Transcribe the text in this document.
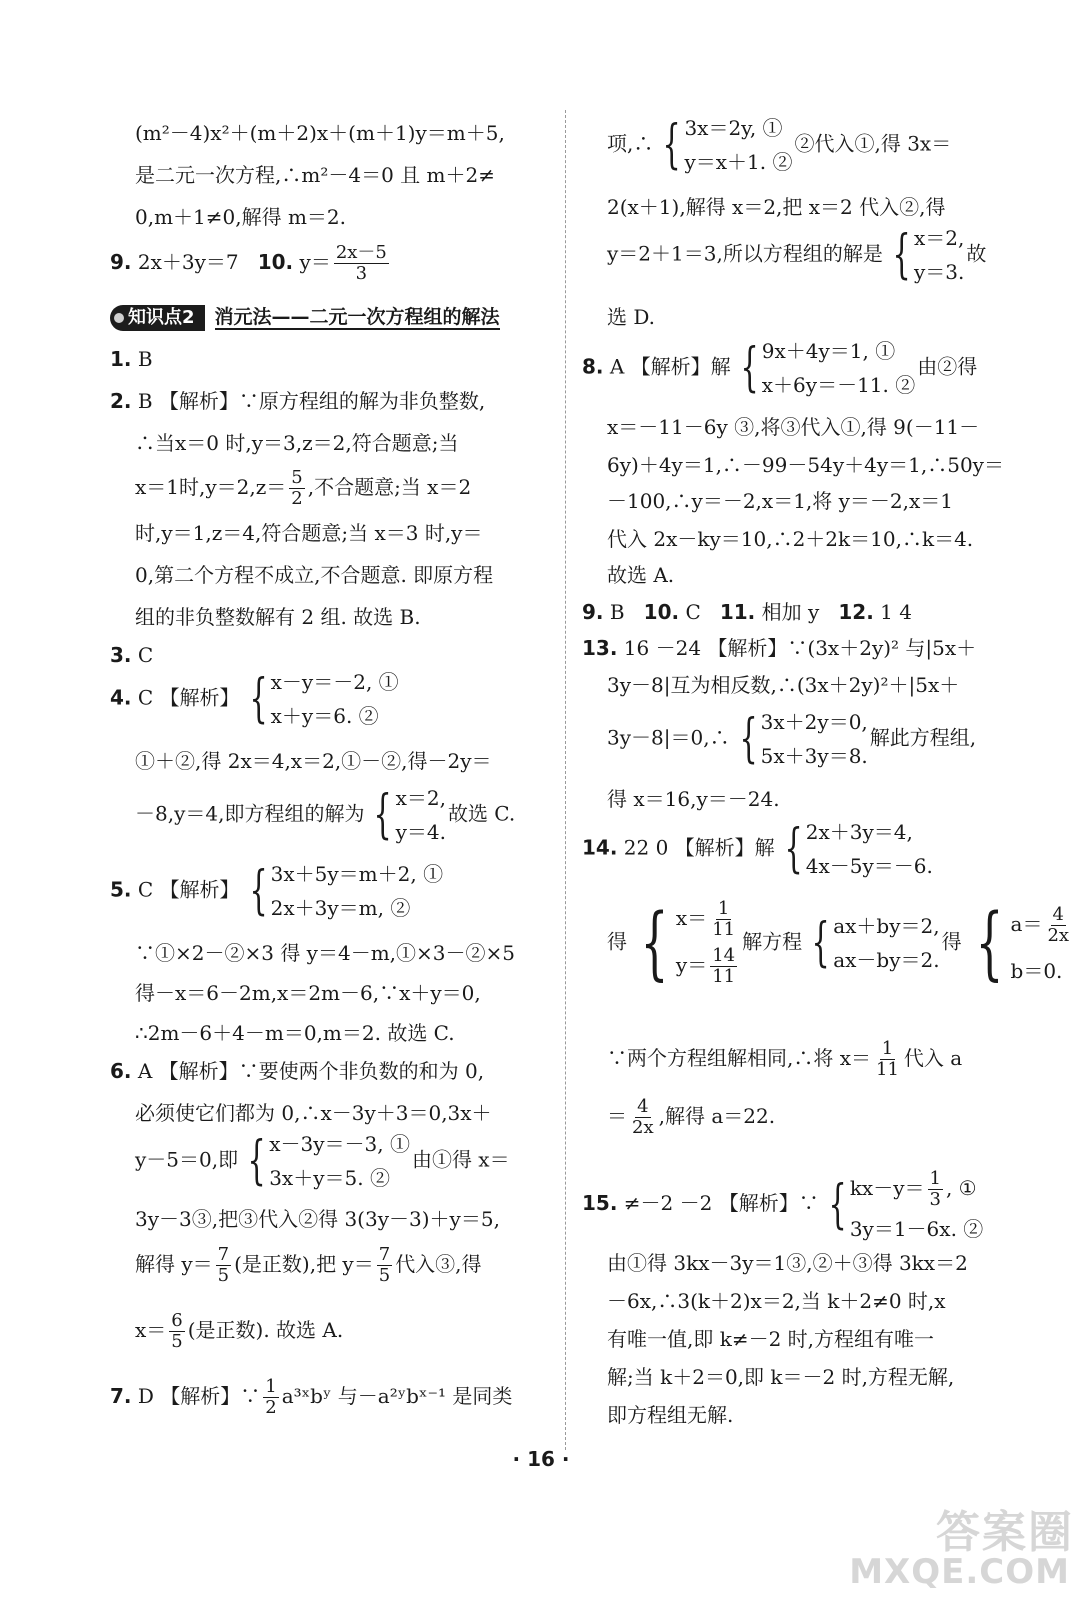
(m²－4)x²＋(m＋2)x＋(m＋1)y＝m＋5,
是二元一次方程,∴m²－4＝0 且 m＋2≠
0,m＋1≠0,解得 m＝2.
9. 2x＋3y＝7 10. $y= \frac{2x-5}{3}$
知识点2	消元法——二元一次方程组的解法
1. B
2. B 【解析】∵原方程组的解为非负整数,
∴当x＝0 时,y＝3,z＝2,符合题意;当
x＝1时$,y=2,z= \frac{5}{2}$ ,不合题意;当 x＝2
时,y＝1,z＝4,符合题意;当 x＝3 时,y＝
0,第二个方程不成立,不合题意. 即原方程
组的非负整数解有 2 组. 故选 B.
3. C
4. C 【解析】 { x－y＝－2, ①
x＋y＝6. ②
①＋②,得 2x＝4,x＝2,①－②,得－2y＝
－8,y＝4,即方程组的解为 { x＝2,
y＝4.
故选 C.
5. C 【解析】 { 3x＋5y＝m＋2, ①
2x＋3y＝m, ②
∵①×2－②×3 得 y＝4－m,①×3－②×5
得－x＝6－2m,x＝2m－6,∵x＋y＝0,
∴2m－6＋4－m＝0,m＝2. 故选 C.
6. A 【解析】∵要使两个非负数的和为 0,
必须使它们都为 0,∴x－3y＋3＝0,3x＋
y－5＝0,即 { x－3y＝－3, ①
3x＋y＝5. ②
由①得 x＝
3y－3③,把③代入②得 3(3y－3)＋y＝5,
解得 $y= \frac{7}{5}$ (是正数),把 $y= \frac{7}{5}$ 代入③,得
$x= \frac{6}{5}$ (是正数). 故选 A.
7. D 【解析】∵ $\frac{1}{2}$ a³ˣbʸ 与－a²ʸbˣ⁻¹ 是同类
项,∴ { 3x＝2y, ①
y＝x＋1. ②
②代入①,得 3x＝
2(x＋1),解得 x＝2,把 x＝2 代入②,得
y＝2＋1＝3,所以方程组的解是 { x＝2,
y＝3.
故
选 D.
8. A 【解析】解 { 9x＋4y＝1, ①
x＋6y＝－11. ②
由②得
x＝－11－6y ③,将③代入①,得 9(－11－
6y)＋4y＝1,∴－99－54y＋4y＝1,∴50y＝
－100,∴y＝－2,x＝1,将 y＝－2,x＝1
代入 2x－ky＝10,∴2＋2k＝10,∴k＝4.
故选 A.
9. B 10. C 11. 相加 y 12. 1 4
13. 16 －24 【解析】∵(3x＋2y)² 与|5x＋
3y－8|互为相反数,∴(3x＋2y)²＋|5x＋
3y－8|＝0,∴ { 3x＋2y＝0,
5x＋3y＝8.
解此方程组,
得 x＝16,y＝－24.
14. 22 0 【解析】解 { 2x＋3y＝4,
4x－5y＝－6.
得 { $x= \frac{1}{11}$
$y= \frac{14}{11}$
解方程 { ax＋by＝2,
ax－by＝2.
得 { $a= \frac{4}{2x}$
b＝0.
∵两个方程组解相同,∴将 $x= \frac{1}{11}$ 代入 a
＝ $\frac{4}{2x}$ ,解得 a＝22.
15. ≠－2 －2 【解析】∵ { $kx-y= \frac{1}{3}$ , ①
3y＝1－6x. ②
由①得 3kx－3y＝1③,②＋③得 3kx＝2
－6x,∴3(k＋2)x＝2,当 k＋2≠0 时,x
有唯一值,即 k≠－2 时,方程组有唯一
解;当 k＋2＝0,即 k＝－2 时,方程无解,
即方程组无解.
· 16 ·
答案圈
MXQE.COM
